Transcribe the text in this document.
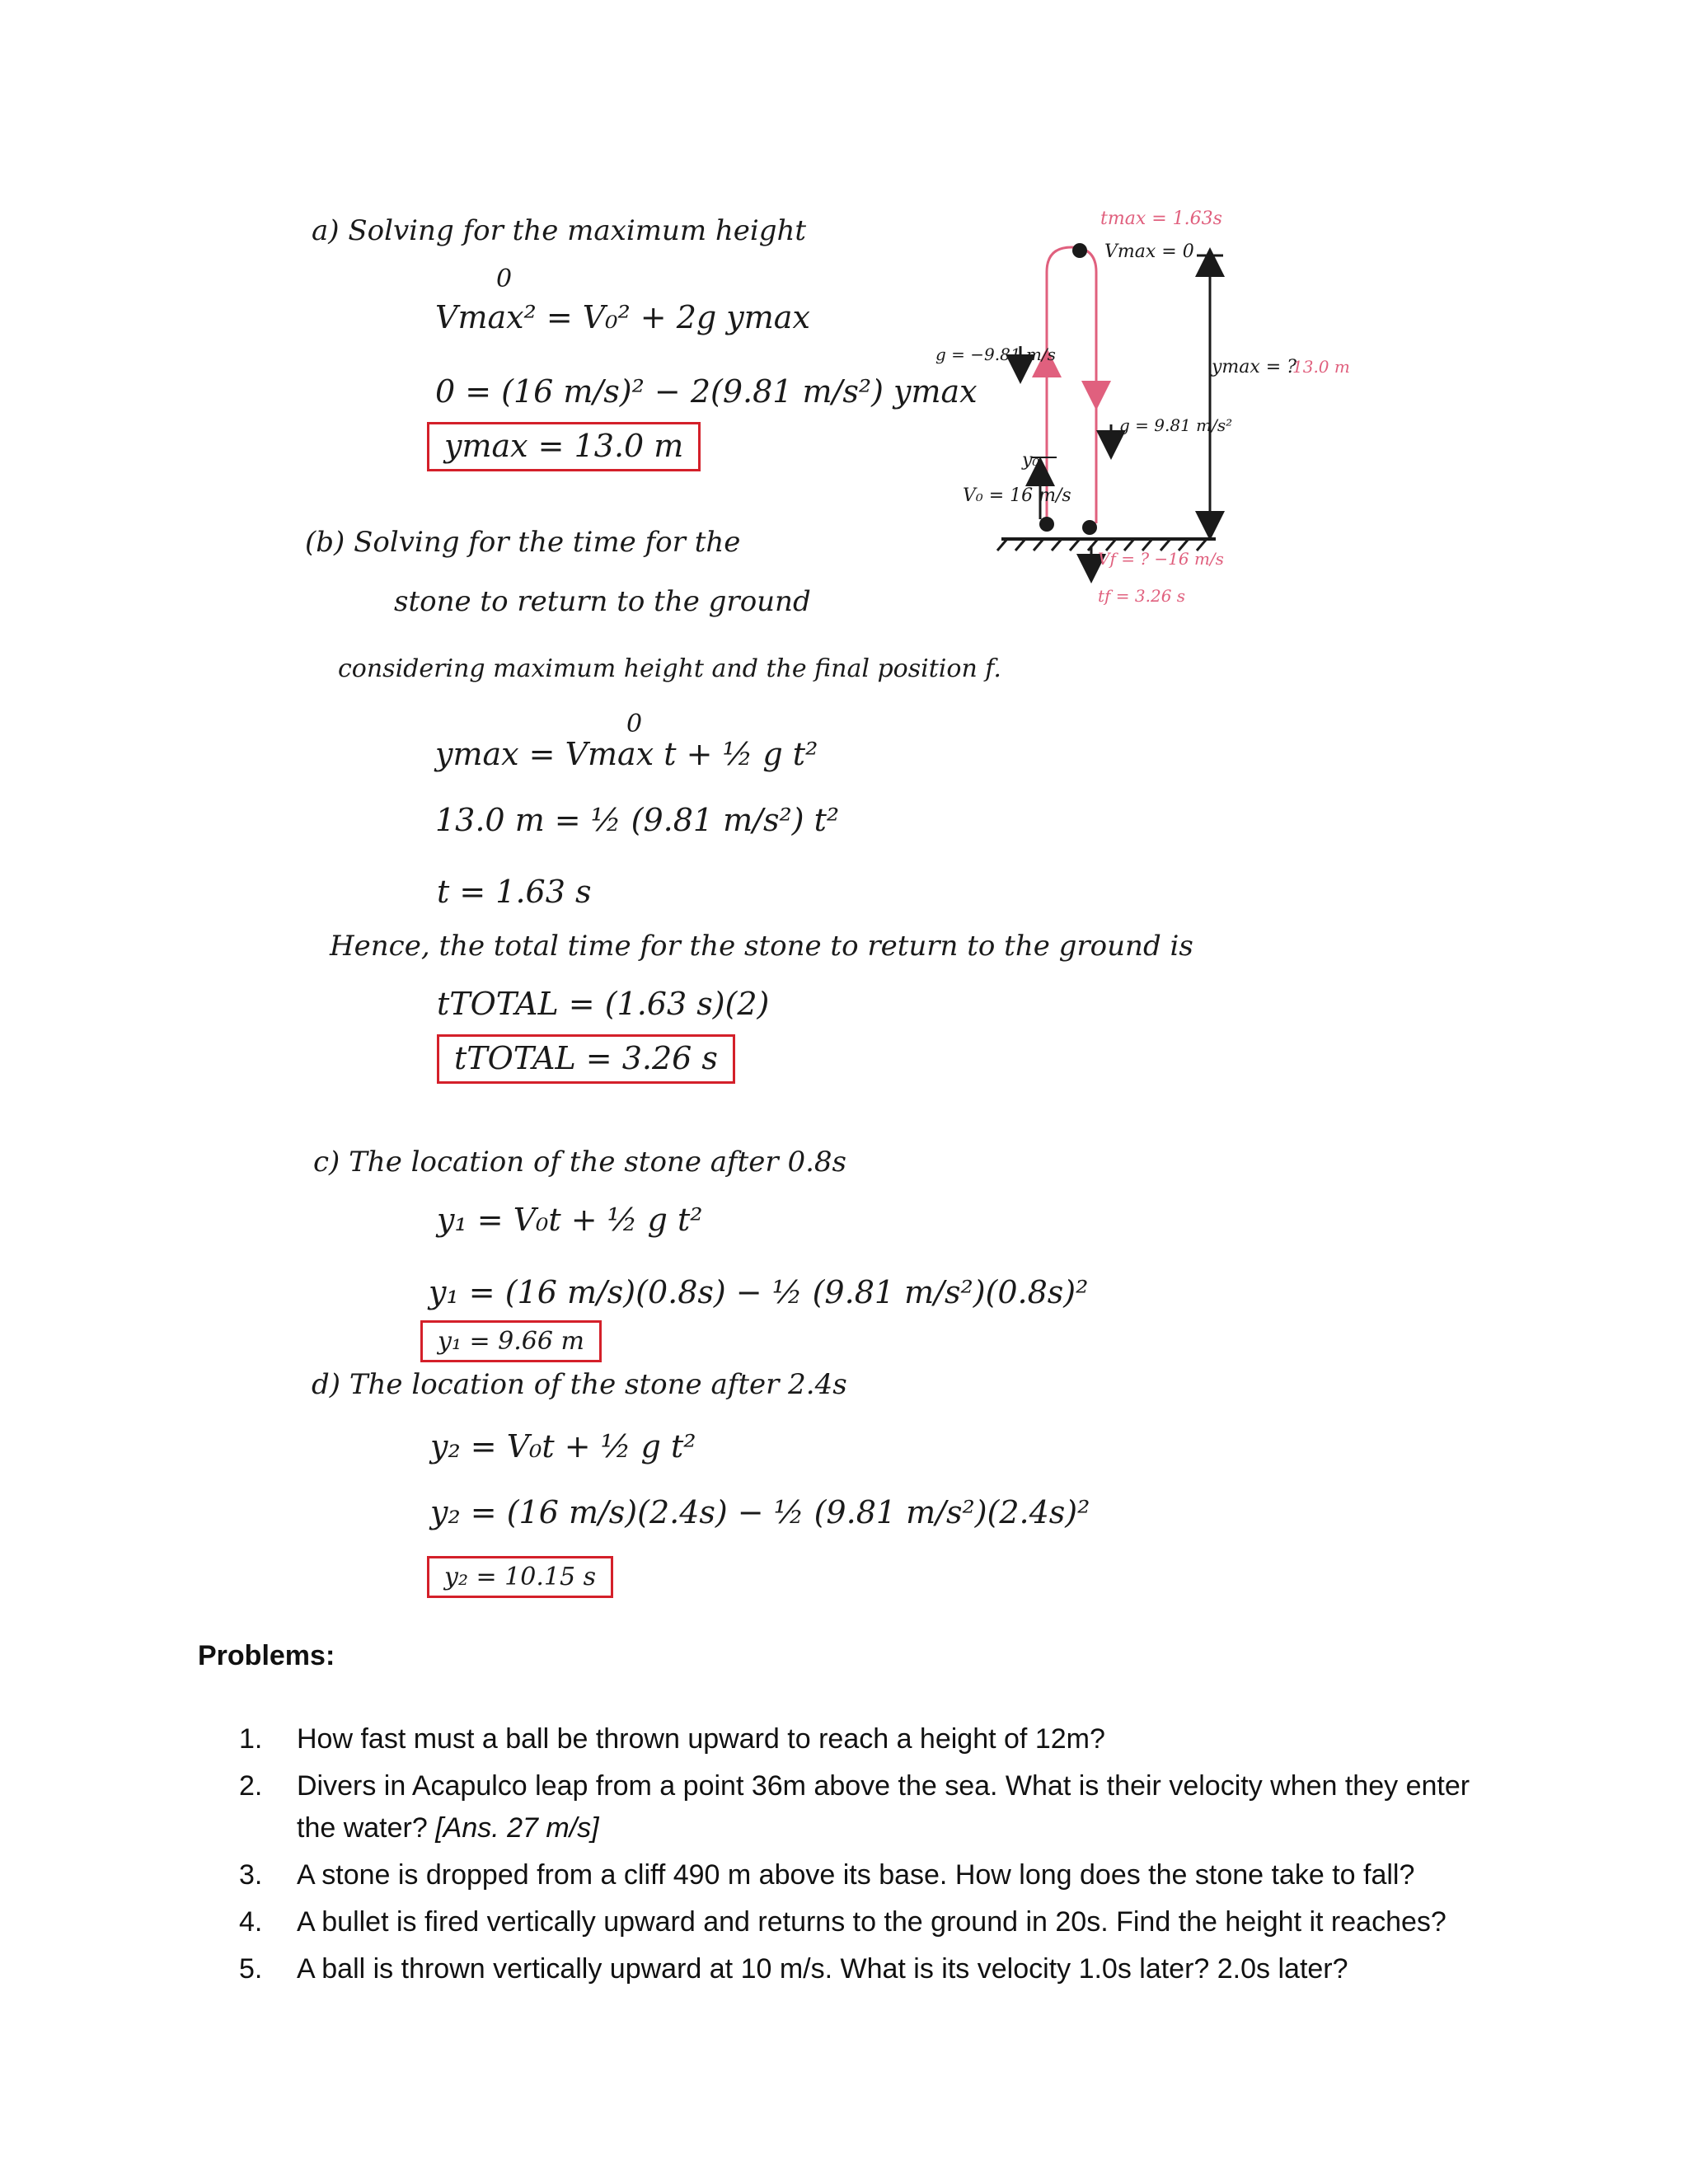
a) Solving for the maximum height

0

Vmax² = V₀² + 2g ymax

0 = (16 m/s)² − 2(9.81 m/s²) ymax

ymax = 13.0 m

(b) Solving for the time for the

stone to return to the ground

considering maximum height and the final position f.

0

ymax = Vmax t + ½ g t²

13.0 m = ½ (9.81 m/s²) t²

t = 1.63 s

Hence, the total time for the stone to return to the ground is

tTOTAL = (1.63 s)(2)

tTOTAL = 3.26 s

c) The location of the stone after 0.8s

y₁ = V₀t + ½ g t²

y₁ = (16 m/s)(0.8s) − ½ (9.81 m/s²)(0.8s)²

y₁ = 9.66 m

d) The location of the stone after 2.4s

y₂ = V₀t + ½ g t²

y₂ = (16 m/s)(2.4s) − ½ (9.81 m/s²)(2.4s)²

y₂ = 10.15 s

tmax = 1.63s
Vmax = 0
g = −9.81 m/s
ymax = ?
13.0 m
g = 9.81 m/s²
y₀
V₀ = 16 m/s
Vf = ? −16 m/s
tf = 3.26 s

Problems:

1. How fast must a ball be thrown upward to reach a height of 12m?
2. Divers in Acapulco leap from a point 36m above the sea. What is their velocity when they enter the water? [Ans. 27 m/s]
3. A stone is dropped from a cliff 490 m above its base. How long does the stone take to fall?
4. A bullet is fired vertically upward and returns to the ground in 20s. Find the height it reaches?
5. A ball is thrown vertically upward at 10 m/s. What is its velocity 1.0s later? 2.0s later?
